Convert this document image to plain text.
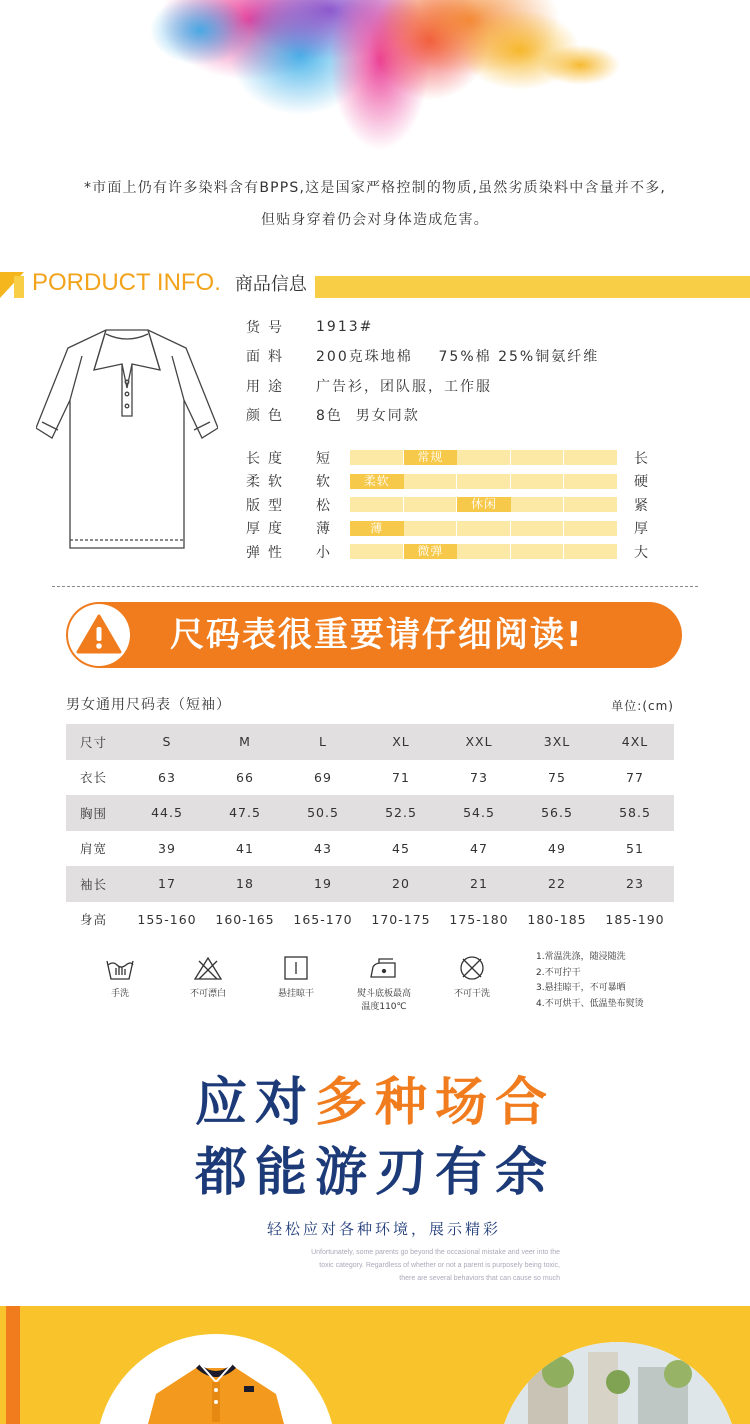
*市面上仍有许多染料含有BPPS,这是国家严格控制的物质,虽然劣质染料中含量并不多,
但贴身穿着仍会对身体造成危害。
PORDUCT INFO. 商品信息
货号	1913#
面料	200克珠地棉    75%棉 25%铜氨纤维
用途	广告衫，团队服，工作服
颜色	8色  男女同款
长度	短	常规	长
柔软	软	柔软	硬
版型	松	休闲	紧
厚度	薄	薄	厚
弹性	小	微弹	大
尺码表很重要请仔细阅读!
男女通用尺码表（短袖）	单位:(cm)
尺寸	S	M	L	XL	XXL	3XL	4XL
衣长	63	66	69	71	73	75	77
胸围	44.5	47.5	50.5	52.5	54.5	56.5	58.5
肩宽	39	41	43	45	47	49	51
袖长	17	18	19	20	21	22	23
身高	155-160	160-165	165-170	170-175	175-180	180-185	185-190
手洗	不可漂白	悬挂晾干	熨斗底板最高
温度110℃
不可干洗
1.常温洗涤，随浸随洗
2.不可拧干
3.悬挂晾干，不可暴晒
4.不可烘干、低温垫布熨烫
应对多种场合
都能游刃有余
轻松应对各种环境，展示精彩
Unfortunately, some parents go beyond the occasional mistake and veer into the
toxic category. Regardless of whether or not a parent is purposely being toxic,
there are several behaviors that can cause so much
